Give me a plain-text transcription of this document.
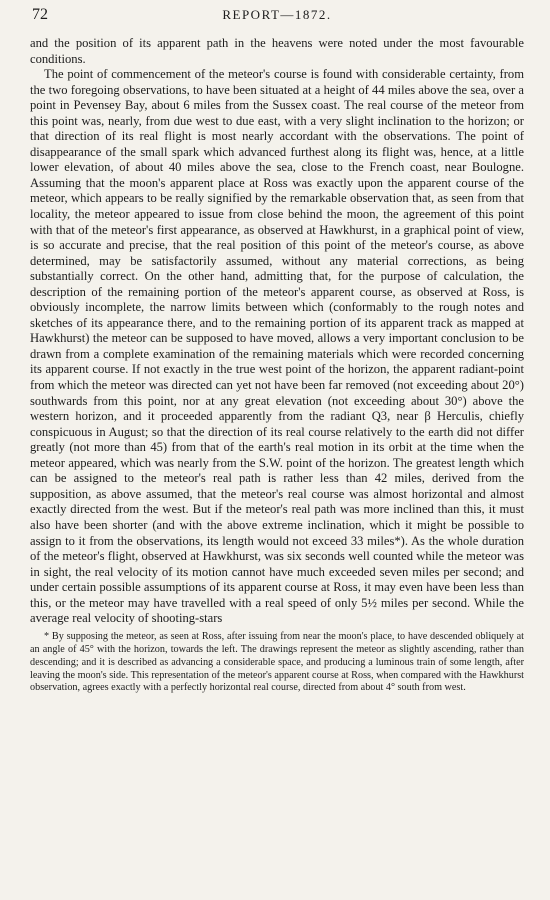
72	REPORT—1872.

and the position of its apparent path in the heavens were noted under the most favourable conditions.

The point of commencement of the meteor's course is found with considerable certainty, from the two foregoing observations, to have been situated at a height of 44 miles above the sea, over a point in Pevensey Bay, about 6 miles from the Sussex coast. The real course of the meteor from this point was, nearly, from due west to due east, with a very slight inclination to the horizon; or that direction of its real flight is most nearly accordant with the observations. The point of disappearance of the small spark which advanced furthest along its flight was, hence, at a little lower elevation, of about 40 miles above the sea, close to the French coast, near Boulogne. Assuming that the moon's apparent place at Ross was exactly upon the apparent course of the meteor, which appears to be really signified by the remarkable observation that, as seen from that locality, the meteor appeared to issue from close behind the moon, the agreement of this point with that of the meteor's first appearance, as observed at Hawkhurst, in a graphical point of view, is so accurate and precise, that the real position of this point of the meteor's course, as above determined, may be satisfactorily assumed, without any material corrections, as being substantially correct. On the other hand, admitting that, for the purpose of calculation, the description of the remaining portion of the meteor's apparent course, as observed at Ross, is obviously incomplete, the narrow limits between which (conformably to the rough notes and sketches of its appearance there, and to the remaining portion of its apparent track as mapped at Hawkhurst) the meteor can be supposed to have moved, allows a very important conclusion to be drawn from a complete examination of the remaining materials which were recorded concerning its apparent course. If not exactly in the true west point of the horizon, the apparent radiant-point from which the meteor was directed can yet not have been far removed (not exceeding about 20°) southwards from this point, nor at any great elevation (not exceeding about 30°) above the western horizon, and it proceeded apparently from the radiant Q3, near β Herculis, chiefly conspicuous in August; so that the direction of its real course relatively to the earth did not differ greatly (not more than 45) from that of the earth's real motion in its orbit at the time when the meteor appeared, which was nearly from the S.W. point of the horizon. The greatest length which can be assigned to the meteor's real path is rather less than 42 miles, derived from the supposition, as above assumed, that the meteor's real course was almost horizontal and almost exactly directed from the west. But if the meteor's real path was more inclined than this, it must also have been shorter (and with the above extreme inclination, which it might be possible to assign to it from the observations, its length would not exceed 33 miles*). As the whole duration of the meteor's flight, observed at Hawkhurst, was six seconds well counted while the meteor was in sight, the real velocity of its motion cannot have much exceeded seven miles per second; and under certain possible assumptions of its apparent course at Ross, it may even have been less than this, or the meteor may have travelled with a real speed of only 5½ miles per second. While the average real velocity of shooting-stars

* By supposing the meteor, as seen at Ross, after issuing from near the moon's place, to have descended obliquely at an angle of 45° with the horizon, towards the left. The drawings represent the meteor as slightly ascending, rather than descending; and it is described as advancing a considerable space, and producing a luminous train of some length, after leaving the moon's side. This representation of the meteor's apparent course at Ross, when compared with the Hawkhurst observation, agrees exactly with a perfectly horizontal real course, directed from about 4° south from west.
